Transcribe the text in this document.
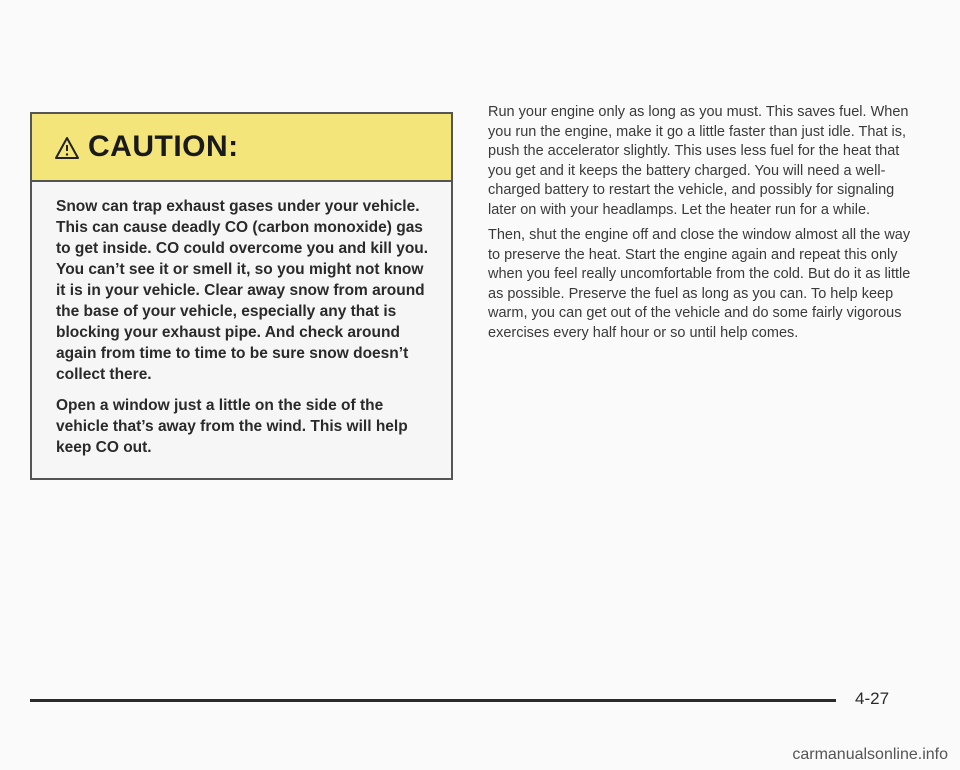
CAUTION:

Snow can trap exhaust gases under your vehicle. This can cause deadly CO (carbon monoxide) gas to get inside. CO could overcome you and kill you. You can’t see it or smell it, so you might not know it is in your vehicle. Clear away snow from around the base of your vehicle, especially any that is blocking your exhaust pipe. And check around again from time to time to be sure snow doesn’t collect there.

Open a window just a little on the side of the vehicle that’s away from the wind. This will help keep CO out.

Run your engine only as long as you must. This saves fuel. When you run the engine, make it go a little faster than just idle. That is, push the accelerator slightly. This uses less fuel for the heat that you get and it keeps the battery charged. You will need a well-charged battery to restart the vehicle, and possibly for signaling later on with your headlamps. Let the heater run for a while.

Then, shut the engine off and close the window almost all the way to preserve the heat. Start the engine again and repeat this only when you feel really uncomfortable from the cold. But do it as little as possible. Preserve the fuel as long as you can. To help keep warm, you can get out of the vehicle and do some fairly vigorous exercises every half hour or so until help comes.

4-27
carmanualsonline.info
